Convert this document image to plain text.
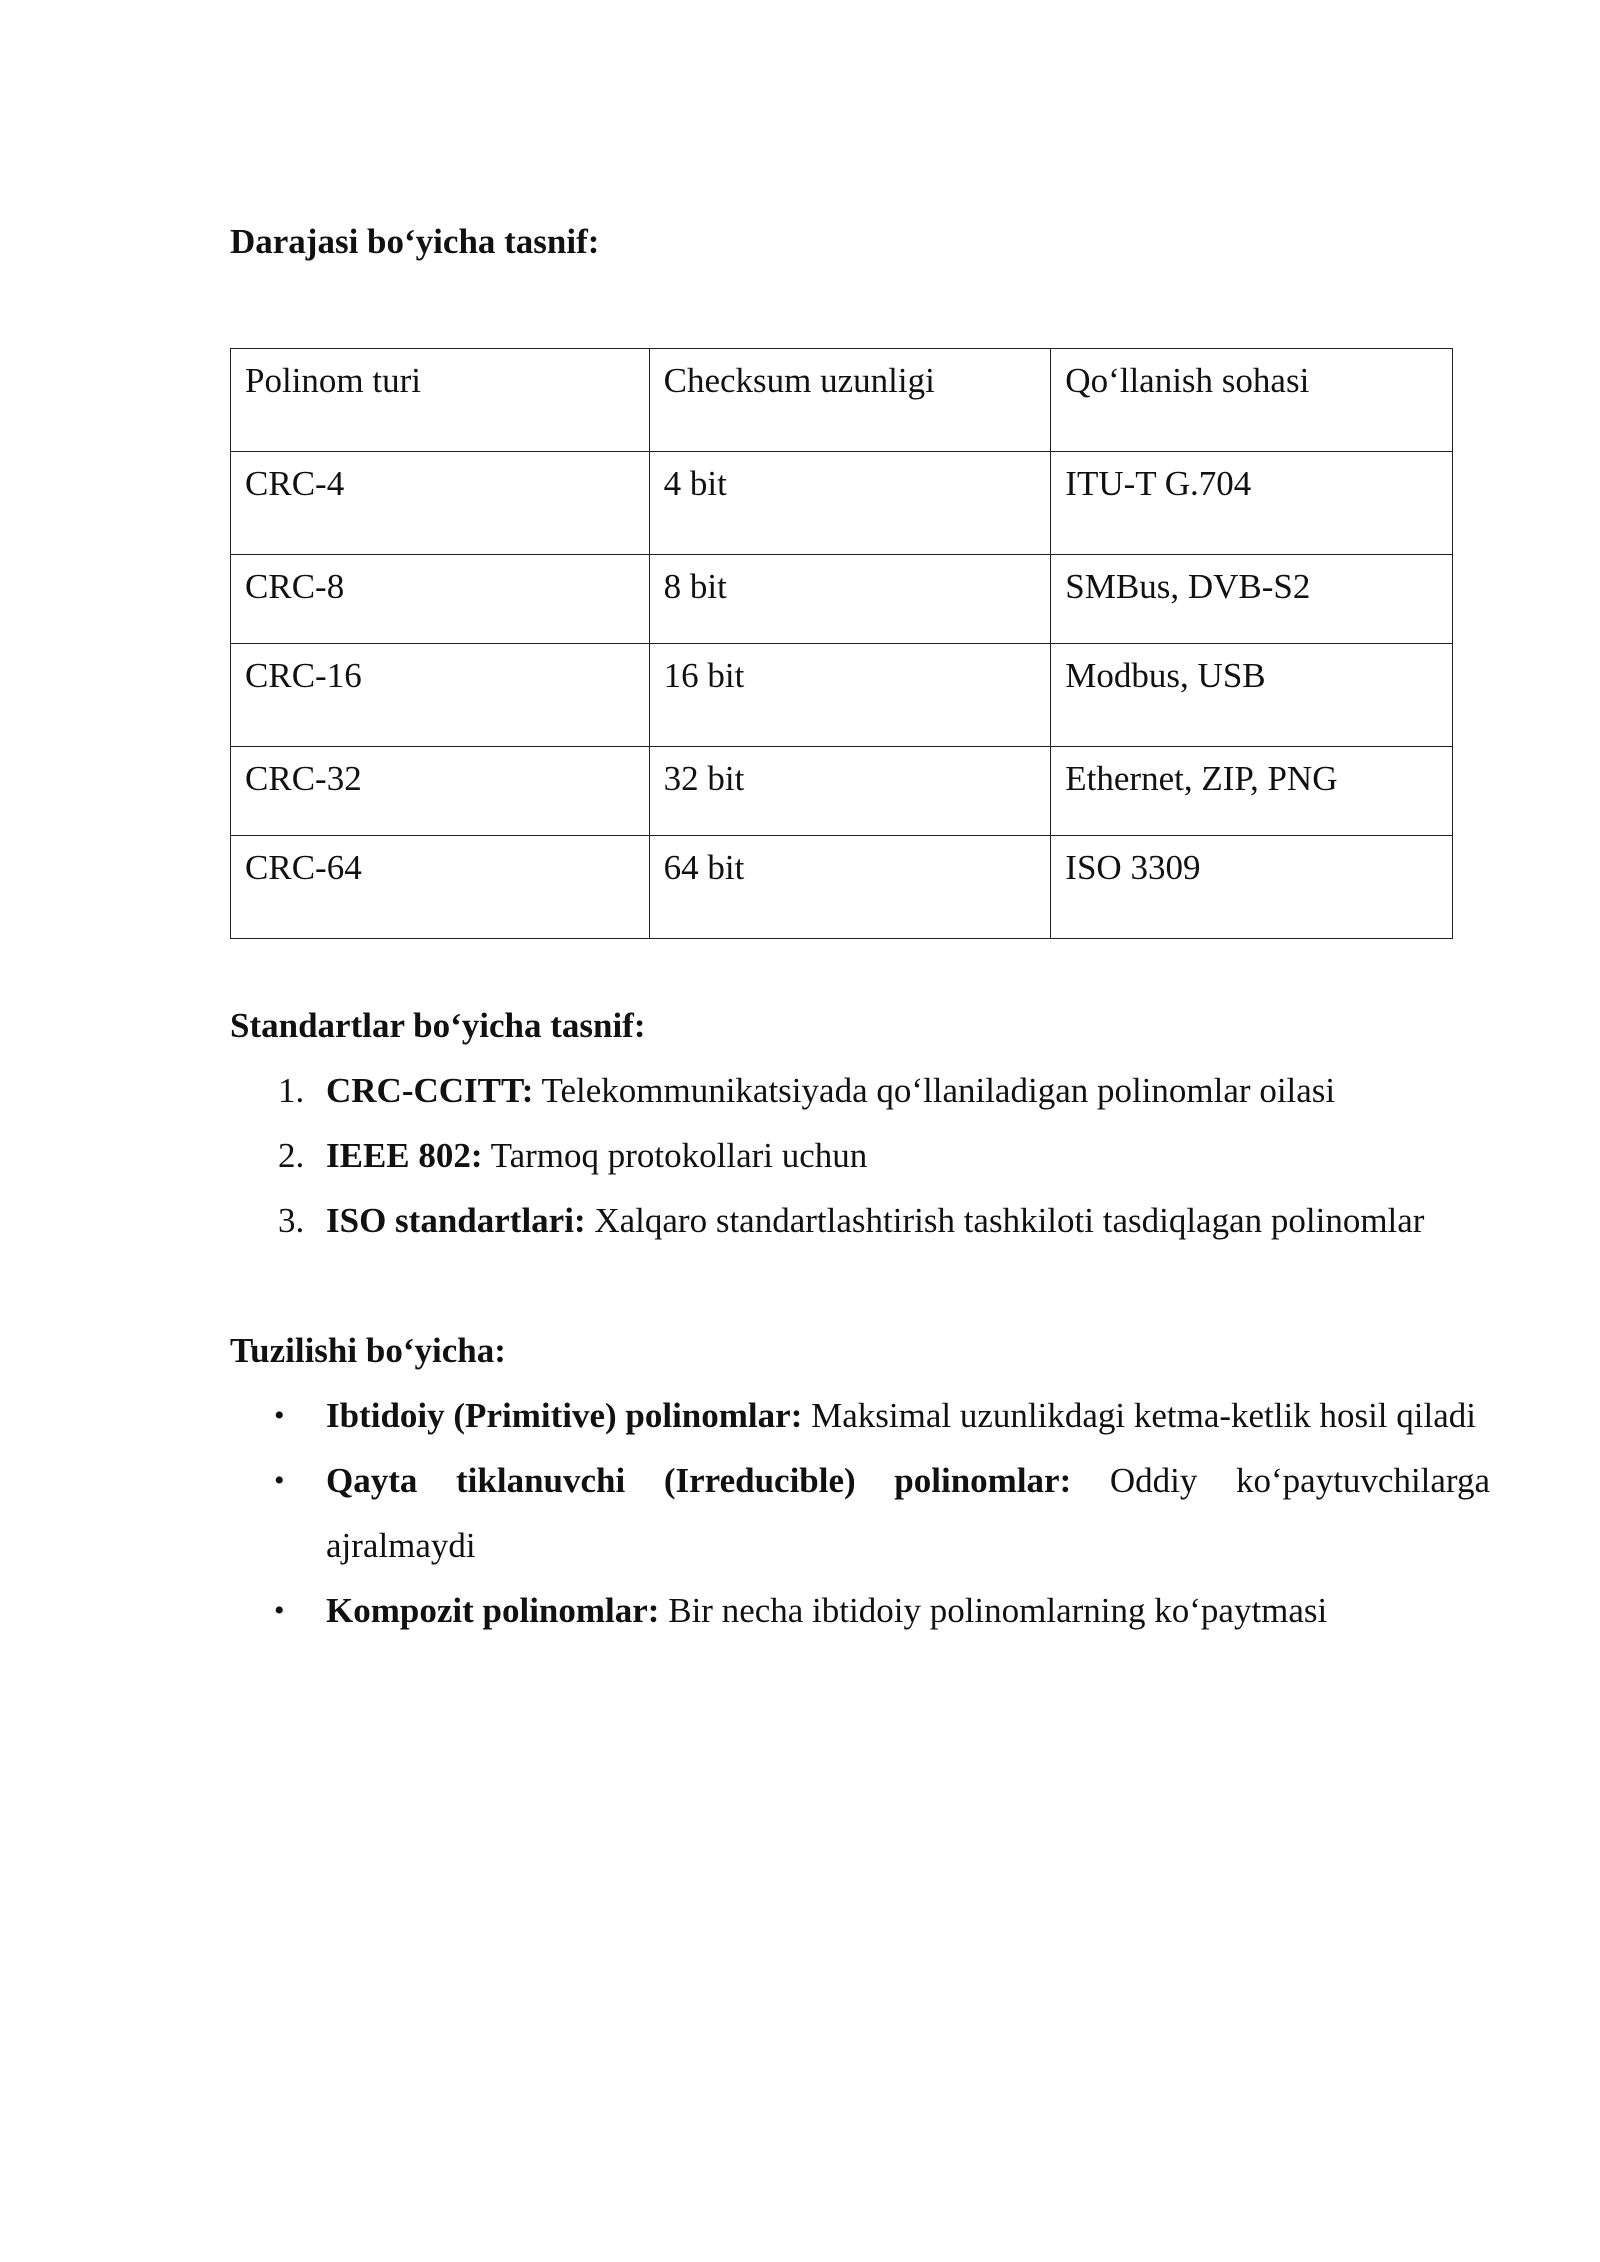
Darajasi bo‘yicha tasnif:
Polinom turi	Checksum uzunligi	Qo‘llanish sohasi
CRC-4	4 bit	ITU-T G.704
CRC-8	8 bit	SMBus, DVB-S2
CRC-16	16 bit	Modbus, USB
CRC-32	32 bit	Ethernet, ZIP, PNG
CRC-64	64 bit	ISO 3309
Standartlar bo‘yicha tasnif:
1. CRC-CCITT: Telekommunikatsiyada qo‘llaniladigan polinomlar oilasi
2. IEEE 802: Tarmoq protokollari uchun
3. ISO standartlari: Xalqaro standartlashtirish tashkiloti tasdiqlagan polinomlar
Tuzilishi bo‘yicha:
•	Ibtidoiy (Primitive) polinomlar: Maksimal uzunlikdagi ketma-ketlik hosil qiladi
•	Qayta tiklanuvchi (Irreducible) polinomlar: Oddiy ko‘paytuvchilarga ajralmaydi
•	Kompozit polinomlar: Bir necha ibtidoiy polinomlarning ko‘paytmasi
